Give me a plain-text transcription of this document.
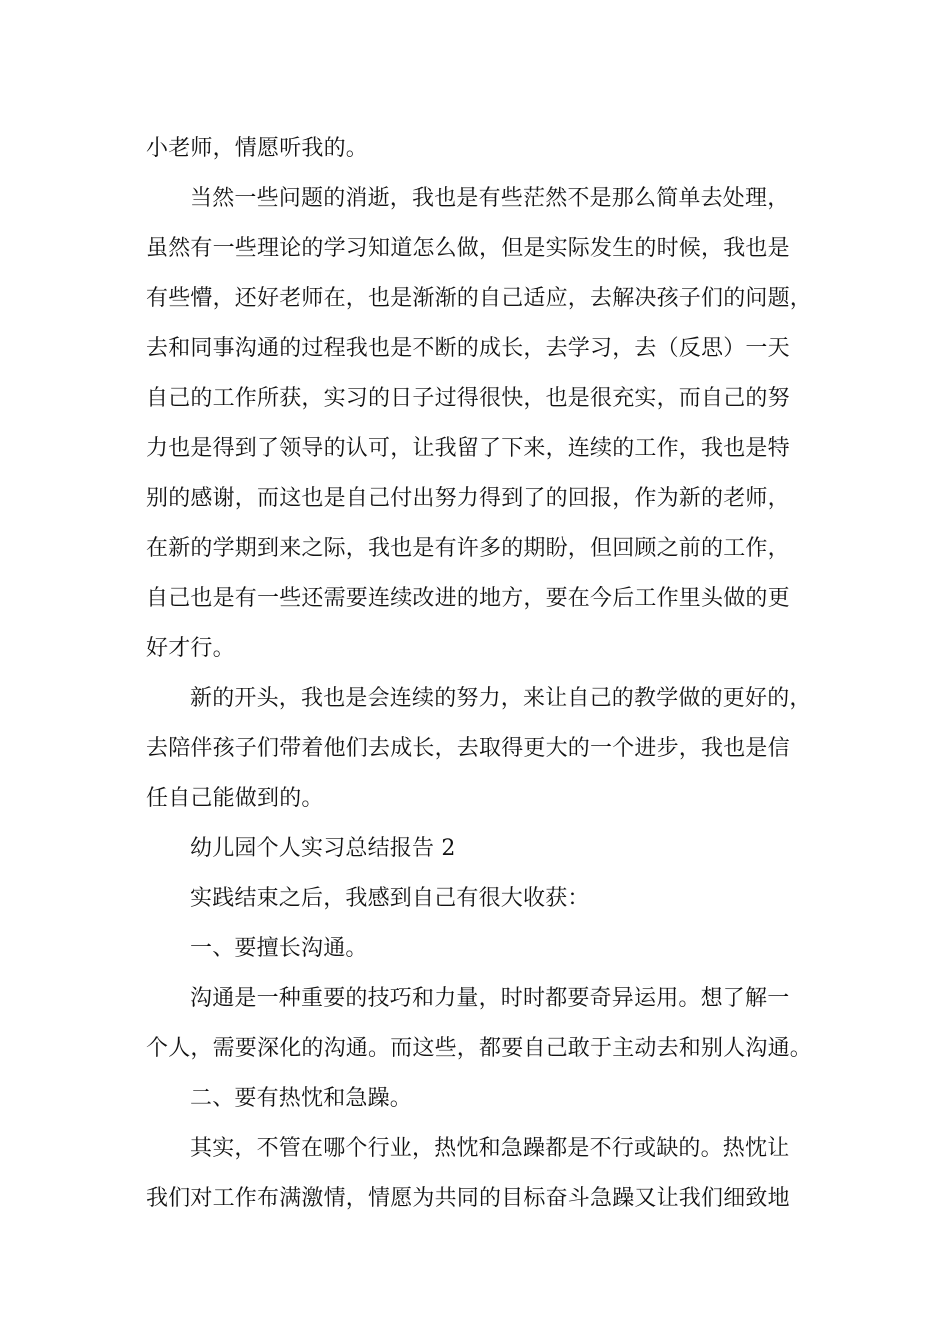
小老师，情愿听我的。
当然一些问题的消逝，我也是有些茫然不是那么简单去处理，
虽然有一些理论的学习知道怎么做，但是实际发生的时候，我也是
有些懵，还好老师在，也是渐渐的自己适应，去解决孩子们的问题，
去和同事沟通的过程我也是不断的成长，去学习，去（反思）一天
自己的工作所获，实习的日子过得很快，也是很充实，而自己的努
力也是得到了领导的认可，让我留了下来，连续的工作，我也是特
别的感谢，而这也是自己付出努力得到了的回报，作为新的老师，
在新的学期到来之际，我也是有许多的期盼，但回顾之前的工作，
自己也是有一些还需要连续改进的地方，要在今后工作里头做的更
好才行。
新的开头，我也是会连续的努力，来让自己的教学做的更好的，
去陪伴孩子们带着他们去成长，去取得更大的一个进步，我也是信
任自己能做到的。
幼儿园个人实习总结报告 2
实践结束之后，我感到自己有很大收获：
一、要擅长沟通。
沟通是一种重要的技巧和力量，时时都要奇异运用。想了解一
个人，需要深化的沟通。而这些，都要自己敢于主动去和别人沟通。
二、要有热忱和急躁。
其实，不管在哪个行业，热忱和急躁都是不行或缺的。热忱让
我们对工作布满激情，情愿为共同的目标奋斗急躁又让我们细致地
